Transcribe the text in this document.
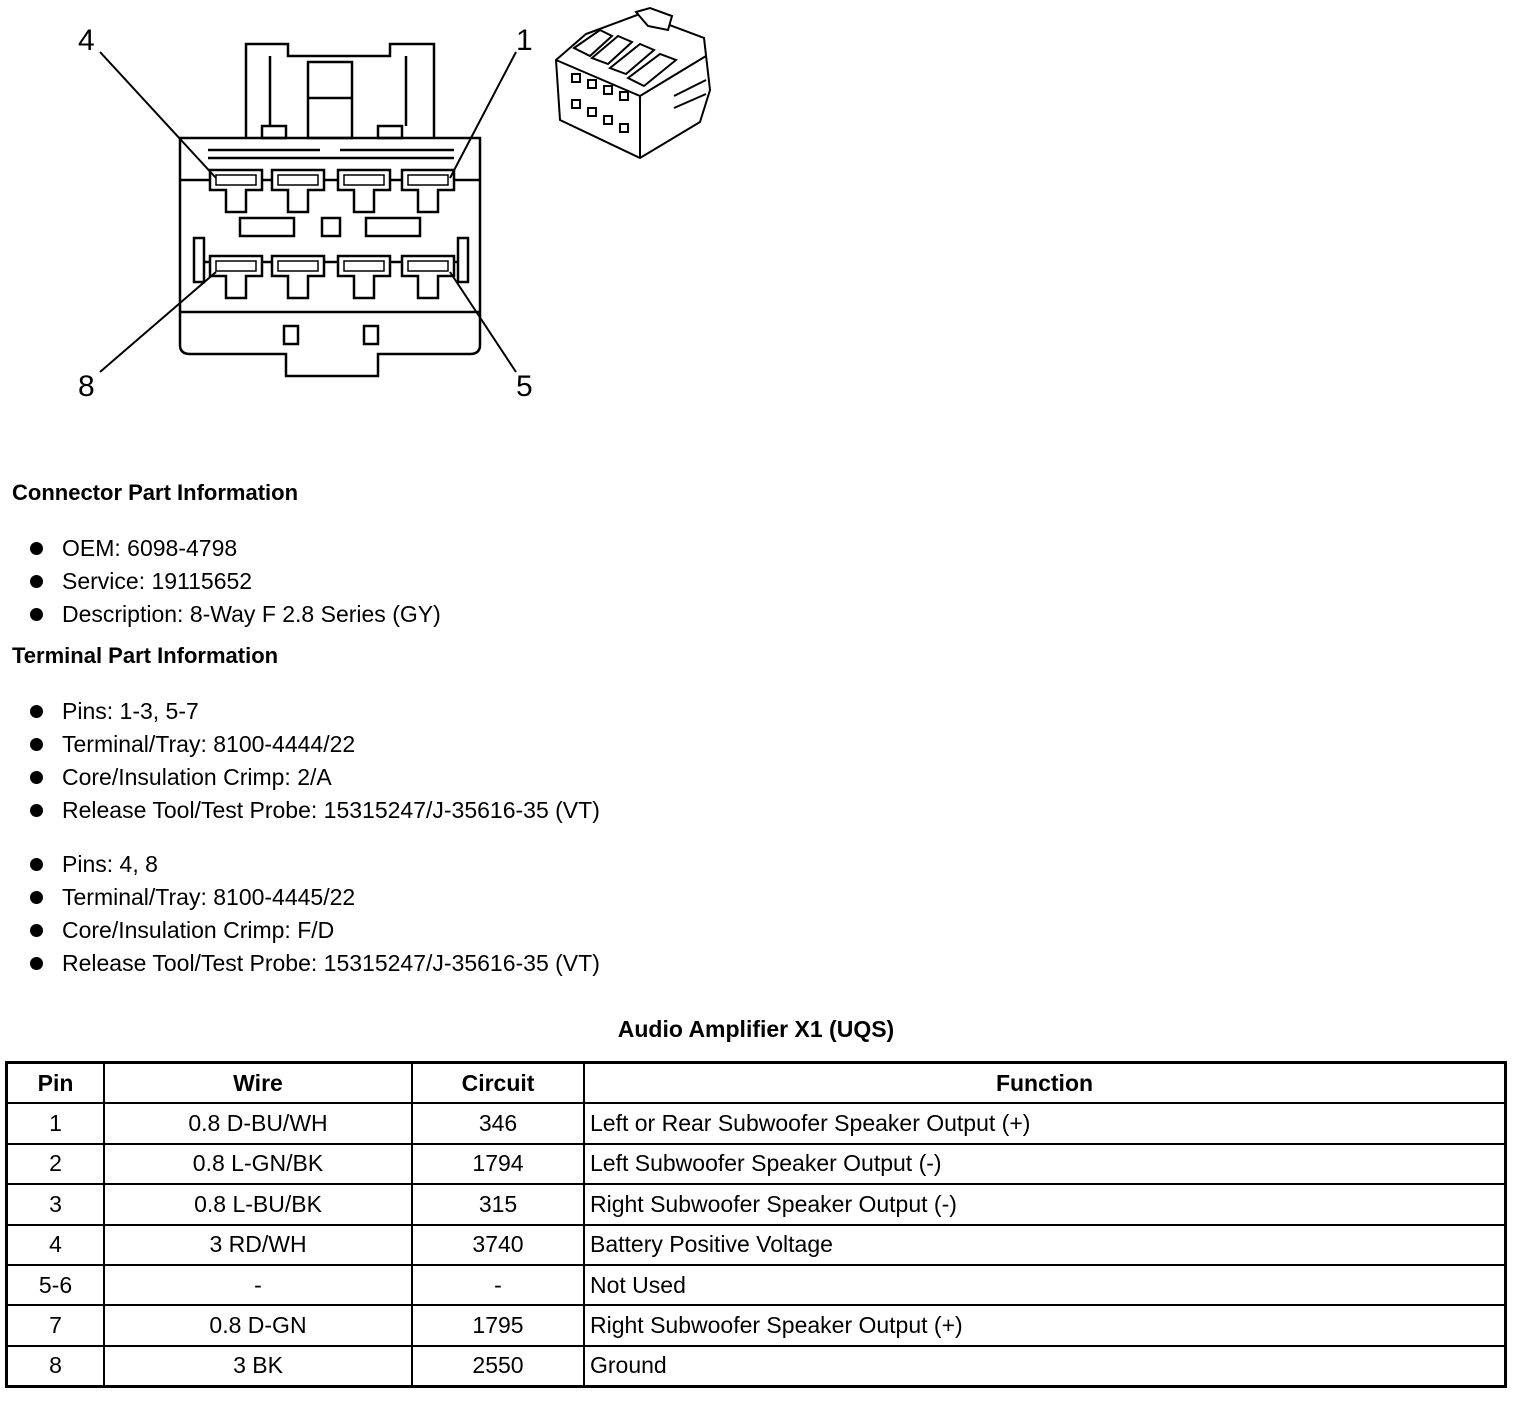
4	1
8	5
Connector Part Information
OEM: 6098-4798
Service: 19115652
Description: 8-Way F 2.8 Series (GY)
Terminal Part Information
Pins: 1-3, 5-7
Terminal/Tray: 8100-4444/22
Core/Insulation Crimp: 2/A
Release Tool/Test Probe: 15315247/J-35616-35 (VT)
Pins: 4, 8
Terminal/Tray: 8100-4445/22
Core/Insulation Crimp: F/D
Release Tool/Test Probe: 15315247/J-35616-35 (VT)
Audio Amplifier X1 (UQS)
Pin	Wire	Circuit	Function
1	0.8 D-BU/WH	346	Left or Rear Subwoofer Speaker Output (+)
2	0.8 L-GN/BK	1794	Left Subwoofer Speaker Output (-)
3	0.8 L-BU/BK	315	Right Subwoofer Speaker Output (-)
4	3 RD/WH	3740	Battery Positive Voltage
5-6	-	-	Not Used
7	0.8 D-GN	1795	Right Subwoofer Speaker Output (+)
8	3 BK	2550	Ground
